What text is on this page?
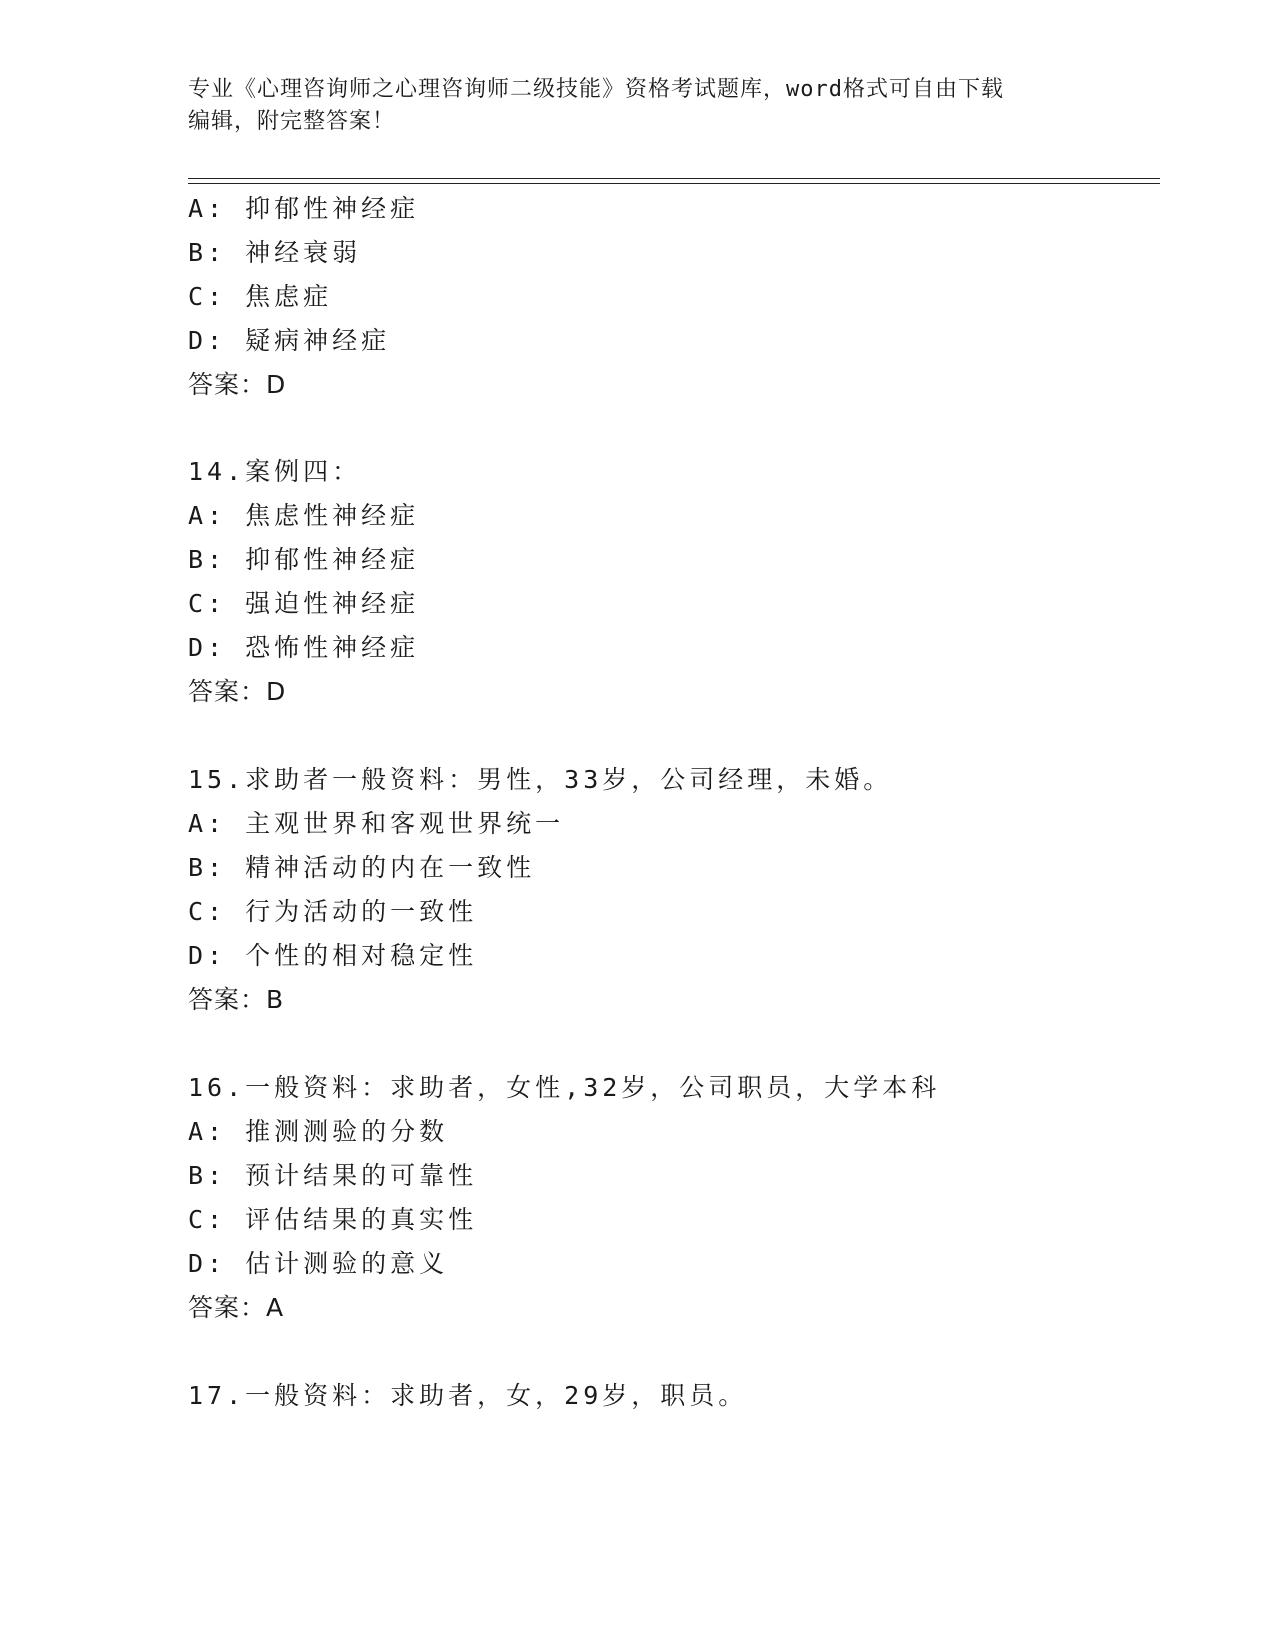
专业《心理咨询师之心理咨询师二级技能》资格考试题库，word格式可自由下载
编辑，附完整答案！
A: 抑郁性神经症
B: 神经衰弱
C: 焦虑症
D: 疑病神经症
答案：D
14.案例四：
A: 焦虑性神经症
B: 抑郁性神经症
C: 强迫性神经症
D: 恐怖性神经症
答案：D
15.求助者一般资料：男性，33岁，公司经理，未婚。
A: 主观世界和客观世界统一
B: 精神活动的内在一致性
C: 行为活动的一致性
D: 个性的相对稳定性
答案：B
16.一般资料：求助者，女性,32岁，公司职员，大学本科
A: 推测测验的分数
B: 预计结果的可靠性
C: 评估结果的真实性
D: 估计测验的意义
答案：A
17.一般资料：求助者，女，29岁，职员。
